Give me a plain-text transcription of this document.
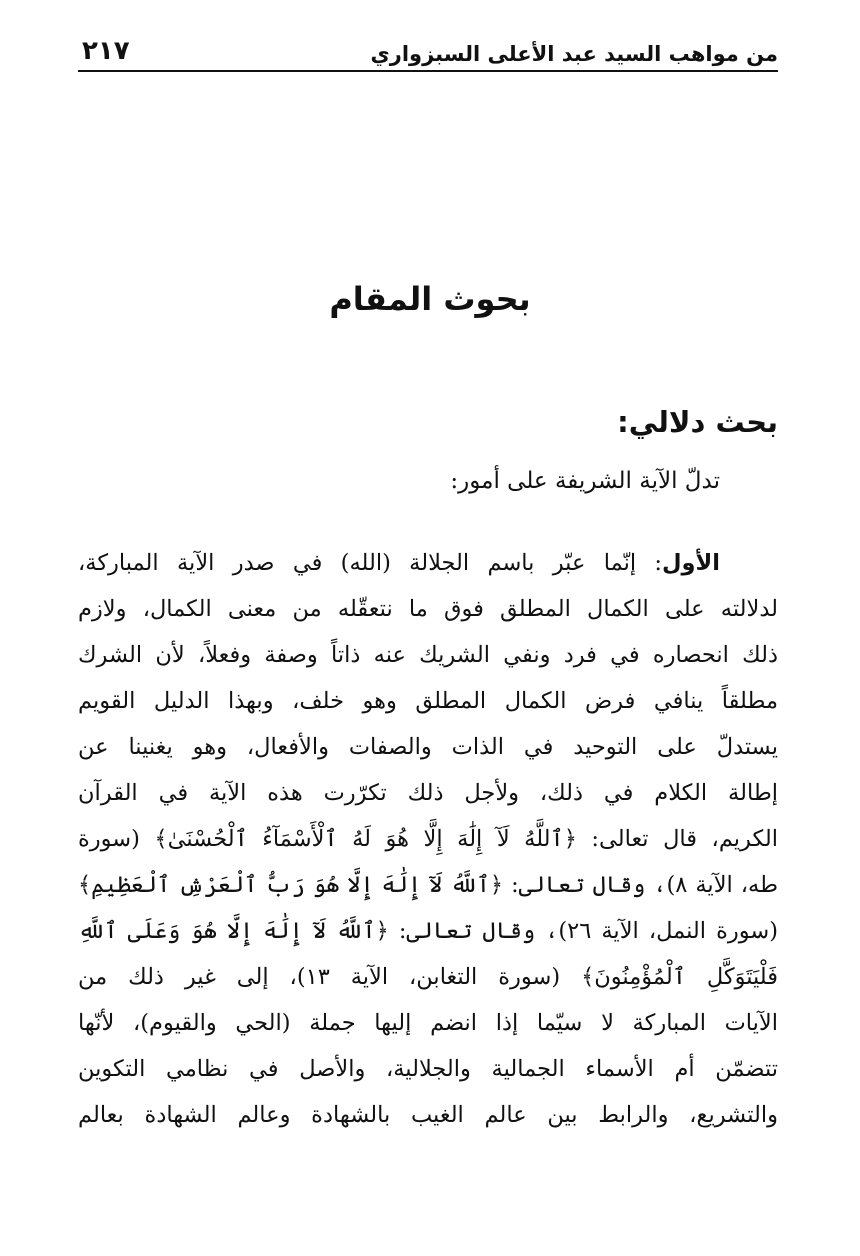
من مواهب السيد عبد الأعلى السبزواري
٢١٧
بحوث المقام
بحث دلالي:
تدلّ الآية الشريفة على أمور:
الأول: إنّما عبّر باسم الجلالة (الله) في صدر الآية المباركة،
لدلالته على الكمال المطلق فوق ما نتعقّله من معنى الكمال، ولازم
ذلك انحصاره في فرد ونفي الشريك عنه ذاتاً وصفة وفعلاً، لأن الشرك
مطلقاً ينافي فرض الكمال المطلق وهو خلف، وبهذا الدليل القويم
يستدلّ على التوحيد في الذات والصفات والأفعال، وهو يغنينا عن
إطالة الكلام في ذلك، ولأجل ذلك تكرّرت هذه الآية في القرآن
الكريم، قال تعالى: ﴿ٱللَّهُ لَآ إِلَٰهَ إِلَّا هُوَ لَهُ ٱلْأَسْمَآءُ ٱلْحُسْنَىٰ﴾ (سورة
طه، الآية ٨)، وقال تعالى: ﴿ٱللَّهُ لَآ إِلَٰهَ إِلَّا هُوَ رَبُّ ٱلْعَرْشِ ٱلْعَظِيمِ﴾
(سورة النمل، الآية ٢٦)، وقال تعالى: ﴿ٱللَّهُ لَآ إِلَٰهَ إِلَّا هُوَ وَعَلَى ٱللَّهِ
فَلْيَتَوَكَّلِ ٱلْمُؤْمِنُونَ﴾ (سورة التغابن، الآية ١٣)، إلى غير ذلك من
الآيات المباركة لا سيّما إذا انضم إليها جملة (الحي والقيوم)، لأنّها
تتضمّن أم الأسماء الجمالية والجلالية، والأصل في نظامي التكوين
والتشريع، والرابط بين عالم الغيب بالشهادة وعالم الشهادة بعالم
